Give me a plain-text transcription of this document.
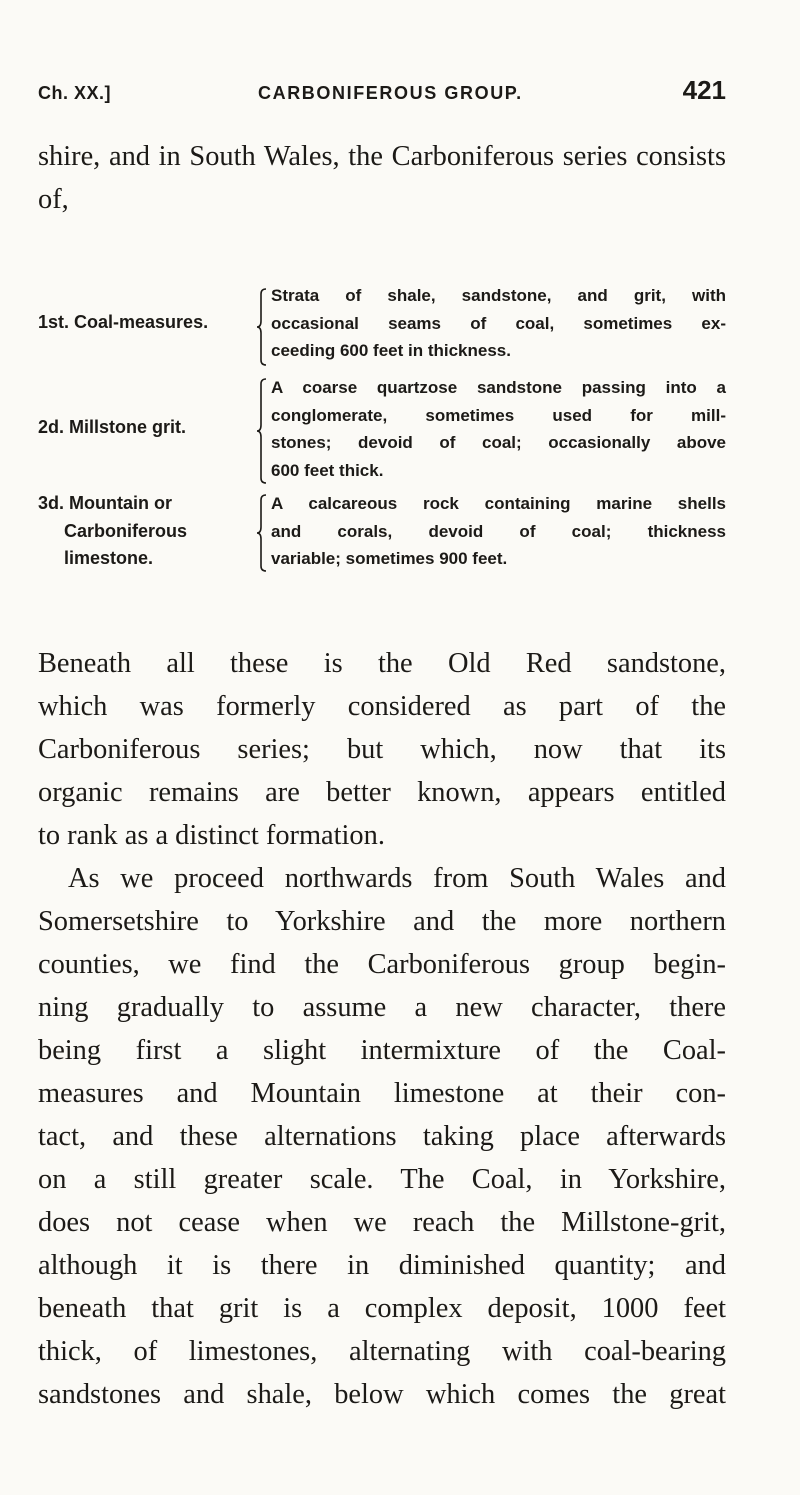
Ch. XX.]	CARBONIFEROUS GROUP.	421

shire, and in South Wales, the Carboniferous series consists of,

1st. Coal-measures.
Strata of shale, sandstone, and grit, with
occasional seams of coal, sometimes ex-
ceeding 600 feet in thickness.
2d. Millstone grit.
A coarse quartzose sandstone passing into a
conglomerate, sometimes used for mill-
stones; devoid of coal; occasionally above
600 feet thick.
3d. Mountain or
Carboniferous
limestone.
A calcareous rock containing marine shells
and corals, devoid of coal; thickness
variable; sometimes 900 feet.
Beneath all these is the Old Red sandstone,
which was formerly considered as part of the
Carboniferous series; but which, now that its
organic remains are better known, appears entitled
to rank as a distinct formation.
As we proceed northwards from South Wales and
Somersetshire to Yorkshire and the more northern
counties, we find the Carboniferous group begin-
ning gradually to assume a new character, there
being first a slight intermixture of the Coal-
measures and Mountain limestone at their con-
tact, and these alternations taking place afterwards
on a still greater scale. The Coal, in Yorkshire,
does not cease when we reach the Millstone-grit,
although it is there in diminished quantity; and
beneath that grit is a complex deposit, 1000 feet
thick, of limestones, alternating with coal-bearing
sandstones and shale, below which comes the great
